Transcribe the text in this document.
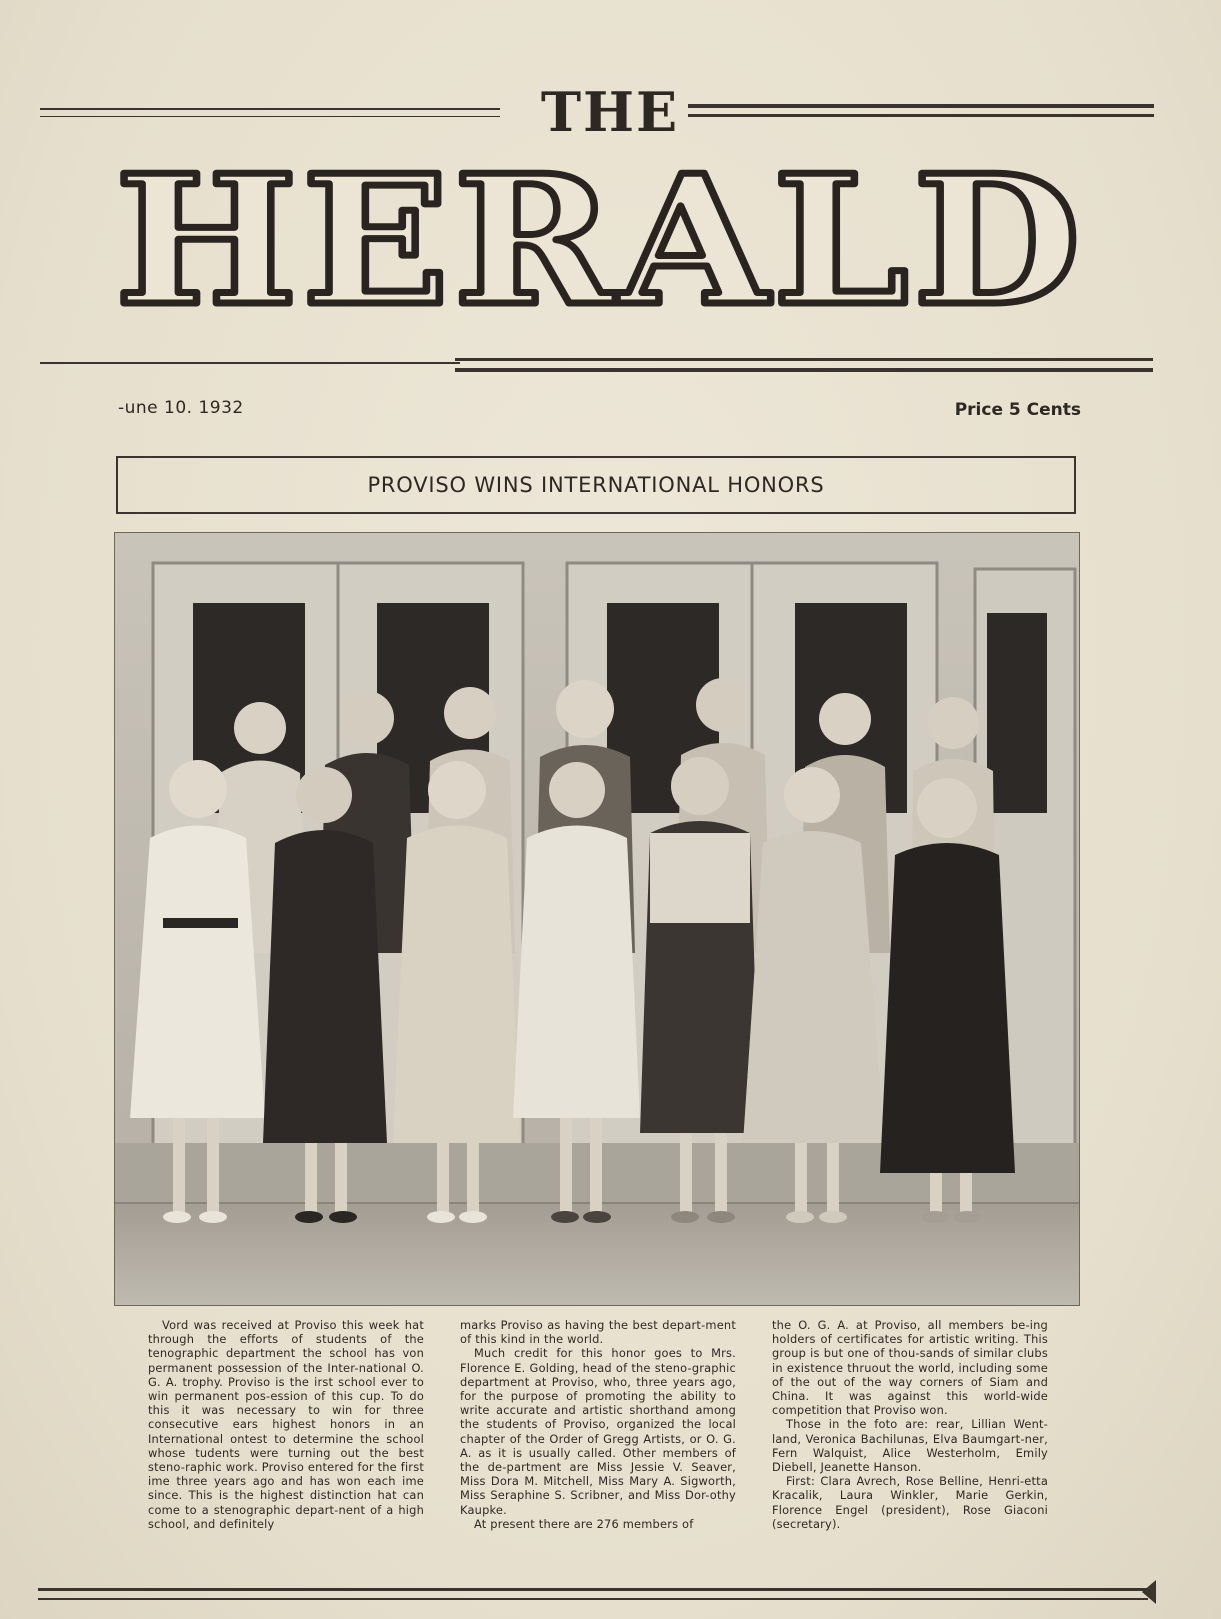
THE
HERALD
-une 10. 1932	Price 5 Cents
PROVISO WINS INTERNATIONAL HONORS

Vord was received at Proviso this week hat through the efforts of students of the tenographic department the school has von permanent possession of the Inter-national O. G. A. trophy. Proviso is the irst school ever to win permanent pos-ession of this cup. To do this it was necessary to win for three consecutive ears highest honors in an International ontest to determine the school whose tudents were turning out the best steno-raphic work. Proviso entered for the first ime three years ago and has won each ime since. This is the highest distinction hat can come to a stenographic depart-nent of a high school, and definitely

marks Proviso as having the best depart-ment of this kind in the world.

Much credit for this honor goes to Mrs. Florence E. Golding, head of the steno-graphic department at Proviso, who, three years ago, for the purpose of promoting the ability to write accurate and artistic shorthand among the students of Proviso, organized the local chapter of the Order of Gregg Artists, or O. G. A. as it is usually called. Other members of the de-partment are Miss Jessie V. Seaver, Miss Dora M. Mitchell, Miss Mary A. Sigworth, Miss Seraphine S. Scribner, and Miss Dor-othy Kaupke.

At present there are 276 members of

the O. G. A. at Proviso, all members be-ing holders of certificates for artistic writing. This group is but one of thou-sands of similar clubs in existence thruout the world, including some of the out of the way corners of Siam and China. It was against this world-wide competition that Proviso won.

Those in the foto are: rear, Lillian Went-land, Veronica Bachilunas, Elva Baumgart-ner, Fern Walquist, Alice Westerholm, Emily Diebell, Jeanette Hanson.

First: Clara Avrech, Rose Belline, Henri-etta Kracalik, Laura Winkler, Marie Gerkin, Florence Engel (president), Rose Giaconi (secretary).
